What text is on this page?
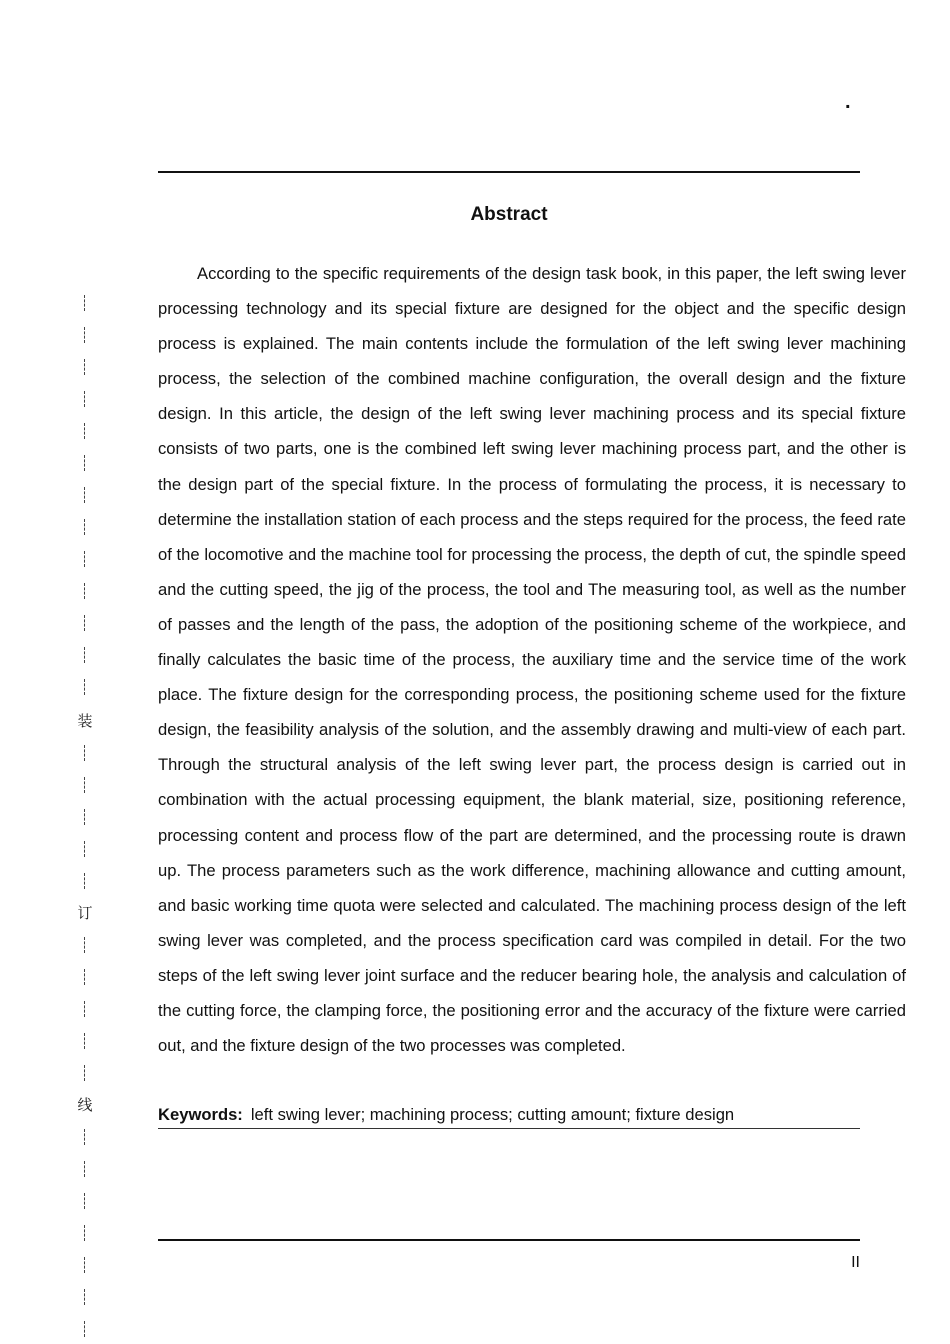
.
Abstract

According to the specific requirements of the design task book, in this paper, the left swing lever processing technology and its special fixture are designed for the object and the specific design process is explained. The main contents include the formulation of the left swing lever machining process, the selection of the combined machine configuration, the overall design and the fixture design. In this article, the design of the left swing lever machining process and its special fixture consists of two parts, one is the combined left swing lever machining process part, and the other is the design part of the special fixture. In the process of formulating the process, it is necessary to determine the installation station of each process and the steps required for the process, the feed rate of the locomotive and the machine tool for processing the process, the depth of cut, the spindle speed and the cutting speed, the jig of the process, the tool and The measuring tool, as well as the number of passes and the length of the pass, the adoption of the positioning scheme of the workpiece, and finally calculates the basic time of the process, the auxiliary time and the service time of the work place. The fixture design for the corresponding process, the positioning scheme used for the fixture design, the feasibility analysis of the solution, and the assembly drawing and multi-view of each part. Through the structural analysis of the left swing lever part, the process design is carried out in combination with the actual processing equipment, the blank material, size, positioning reference, processing content and process flow of the part are determined, and the processing route is drawn up. The process parameters such as the work difference, machining allowance and cutting amount, and basic working time quota were selected and calculated. The machining process design of the left swing lever was completed, and the process specification card was compiled in detail. For the two steps of the left swing lever joint surface and the reducer bearing hole, the analysis and calculation of the cutting force, the clamping force, the positioning error and the accuracy of the fixture were carried out, and the fixture design of the two processes was completed.

Keywords: left swing lever; machining process; cutting amount; fixture design
II
装
订
线
